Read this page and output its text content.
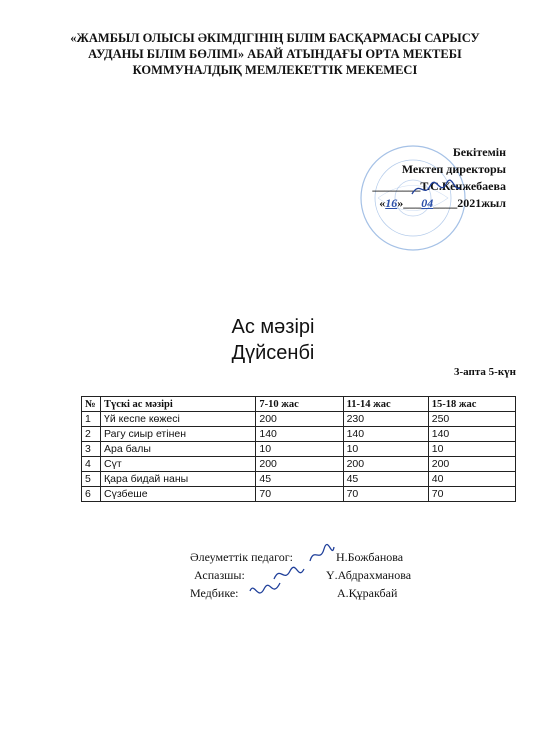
«ЖАМБЫЛ ОЛЫСЫ ӘКІМДІГІНІҢ БІЛІМ БАСҚАРМАСЫ САРЫСУ
АУДАНЫ БІЛІМ БӨЛІМІ» АБАЙ АТЫНДАҒЫ ОРТА МЕКТЕБІ
КОММУНАЛДЫҚ МЕМЛЕКЕТТІК МЕКЕМЕСІ
Бекітемін
Мектеп директоры
________Т.С.Кенжебаева
«16»___04____2021жыл
Ас мәзірі
Дүйсенбі
3-апта 5-күн
№	Түскі ас мәзірі	7-10 жас	11-14 жас	15-18 жас
1	Үй кеспе көжесі	200	230	250
2	Рагу сиыр етінен	140	140	140
3	Ара балы	10	10	10
4	Сүт	200	200	200
5	Қара бидай наны	45	45	40
6	Сүзбеше	70	70	70
Әлеуметтік педагог:	Н.Божбанова
Аспазшы:	Ү.Абдрахманова
Медбике:	А.Құракбай
